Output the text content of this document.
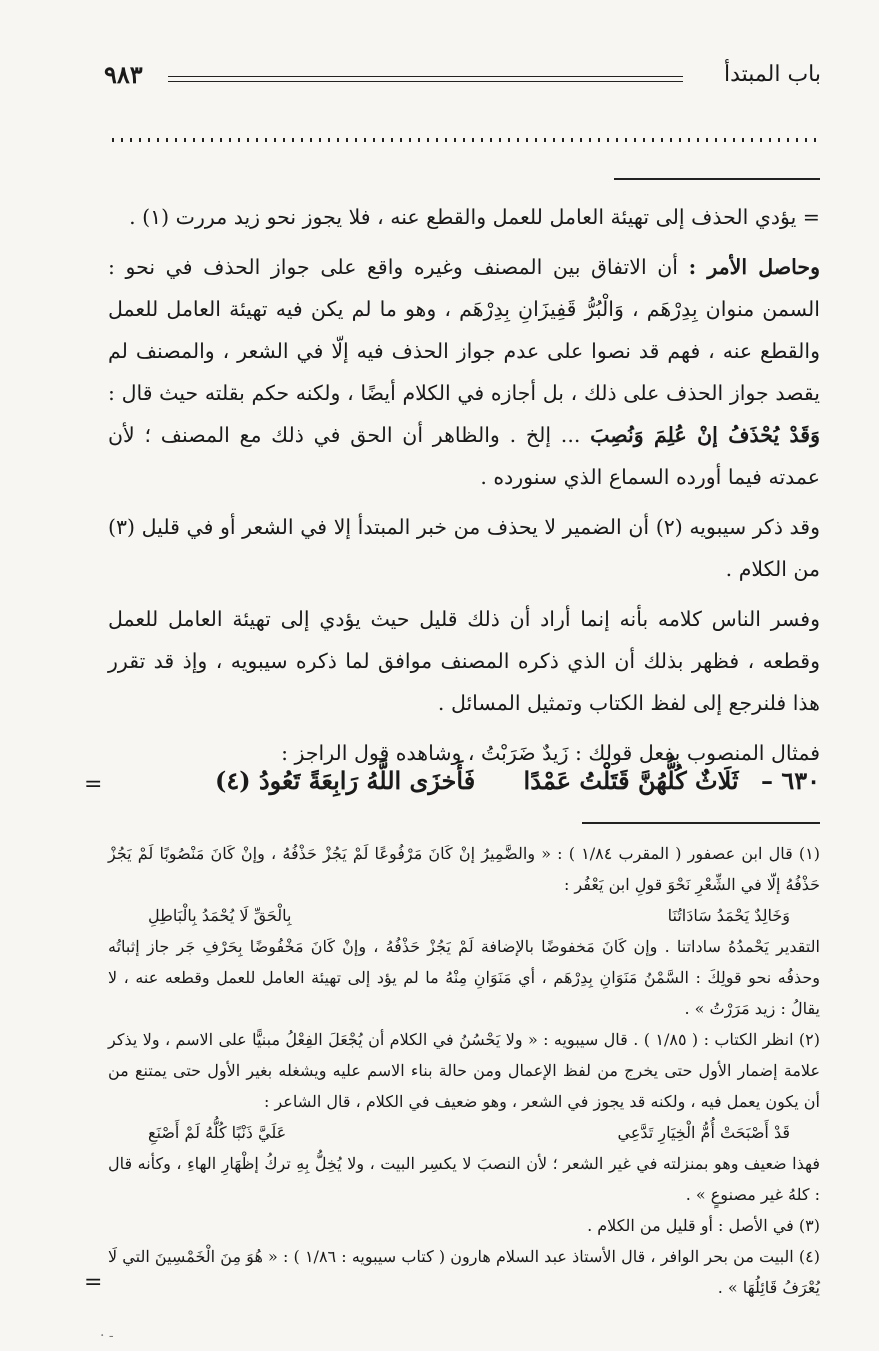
باب المبتدأ
٩٨٣

= يؤدي الحذف إلى تهيئة العامل للعمل والقطع عنه ، فلا يجوز نحو زيد مررت (١) .

وحاصل الأمر : أن الاتفاق بين المصنف وغيره واقع على جواز الحذف في نحو : السمن منوان بِدِرْهَم ، وَالْبُرُّ قَفِيزَانِ بِدِرْهَم ، وهو ما لم يكن فيه تهيئة العامل للعمل والقطع عنه ، فهم قد نصوا على عدم جواز الحذف فيه إلّا في الشعر ، والمصنف لم يقصد جواز الحذف على ذلك ، بل أجازه في الكلام أيضًا ، ولكنه حكم بقلته حيث قال : وَقَدْ يُحْذَفُ إنْ عُلِمَ وَنُصِبَ ... إلخ . والظاهر أن الحق في ذلك مع المصنف ؛ لأن عمدته فيما أورده السماع الذي سنورده .

وقد ذكر سيبويه (٢) أن الضمير لا يحذف من خبر المبتدأ إلا في الشعر أو في قليل (٣) من الكلام .

وفسر الناس كلامه بأنه إنما أراد أن ذلك قليل حيث يؤدي إلى تهيئة العامل للعمل وقطعه ، فظهر بذلك أن الذي ذكره المصنف موافق لما ذكره سيبويه ، وإذ قد تقرر هذا فلنرجع إلى لفظ الكتاب وتمثيل المسائل .

فمثال المنصوب بفعل قولك : زَيدٌ ضَرَبْتُ ، وشاهده قول الراجز :

٦٣٠ – ثَلَاثٌ كُلُّهُنَّ قَتَلْتُ عَمْدًا فَأَخزَى اللَّهُ رَابِعَةً تَعُودُ (٤)
=

(١) قال ابن عصفور ( المقرب ١/٨٤ ) : « والضَّمِيرُ إنْ كَانَ مَرْفُوعًا لَمْ يَجُزْ حَذْفُهُ ، وإنْ كَانَ مَنْصُوبًا لَمْ يَجُزْ حَذْفُهُ إلّا في الشِّعْرِ نَحْوَ قولِ ابن يَعْفُر :

وَخَالِدٌ يَحْمَدُ سَادَاتُنَا
بِالْحَقِّ لَا يُحْمَدُ بِالْبَاطِلِ

التقدير يَحْمدُهُ ساداتنا . وإن كَانَ مَخفوضًا بالإضافة لَمْ يَجُزْ حَذْفُهُ ، وإنْ كَانَ مَخْفُوضًا بِحَرْفِ جَر جاز إثباتُه وحذفُه نحو قولِكَ : السَّمْنُ مَنَوَانِ بِدِرْهَم ، أي مَنَوَانِ مِنْهُ ما لم يؤد إلى تهيئة العامل للعمل وقطعه عنه ، لا يقالُ : زيد مَرَرْتُ » .

(٢) انظر الكتاب : ( ١/٨٥ ) . قال سيبويه : « ولا يَحْسُنُ في الكلام أن يُجْعَلَ الفِعْلُ مبنيًّا على الاسم ، ولا يذكر علامة إضمار الأول حتى يخرج من لفظ الإعمال ومن حالة بناء الاسم عليه ويشغله بغير الأول حتى يمتنع من أن يكون يعمل فيه ، ولكنه قد يجوز في الشعر ، وهو ضعيف في الكلام ، قال الشاعر :

قَدْ أَصْبَحَتْ أُمُّ الْخِيَارِ تَدَّعِي
عَلَيَّ ذَنْبًا كُلُّهُ لَمْ أَصْنَعِ

فهذا ضعيف وهو بمنزلته في غير الشعر ؛ لأن النصبَ لا يكسِر البيت ، ولا يُخِلُّ بِهِ تركُ إظْهَارِ الهاءِ ، وكأنه قال : كلهُ غير مصنوعٍ » .

(٣) في الأصل : أو قليل من الكلام .

(٤) البيت من بحر الوافر ، قال الأستاذ عبد السلام هارون ( كتاب سيبويه : ١/٨٦ ) : « هُوَ مِنَ الْخَمْسِينَ التي لَا يُعْرَفُ قَائِلُهَا » .

=
· -
